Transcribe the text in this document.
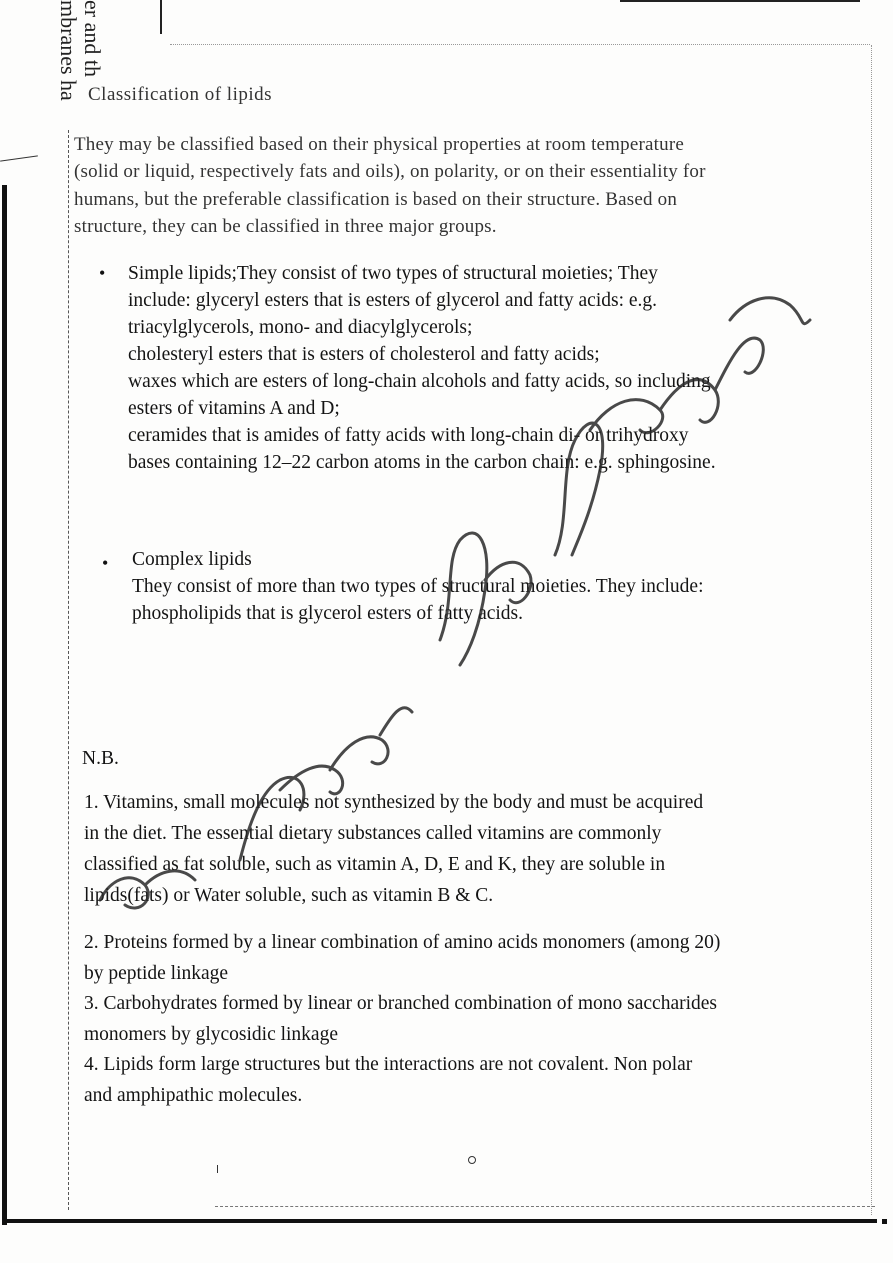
er and th
mbranes ha Classification of lipids
They may be classified based on their physical properties at room temperature
(solid or liquid, respectively fats and oils), on polarity, or on their essentiality for
humans, but the preferable classification is based on their structure. Based on
structure, they can be classified in three major groups.
• Simple lipids;They consist of two types of structural moieties; They
include: glyceryl esters that is esters of glycerol and fatty acids: e.g.
triacylglycerols, mono- and diacylglycerols;
cholesteryl esters that is esters of cholesterol and fatty acids;
waxes which are esters of long-chain alcohols and fatty acids, so including
esters of vitamins A and D;
ceramides that is amides of fatty acids with long-chain di- or trihydroxy
bases containing 12–22 carbon atoms in the carbon chain: e.g. sphingosine.
• Complex lipids
They consist of more than two types of structural moieties. They include:
phospholipids that is glycerol esters of fatty acids.
N.B.
1. Vitamins, small molecules not synthesized by the body and must be acquired
in the diet. The essential dietary substances called vitamins are commonly
classified as fat soluble, such as vitamin A, D, E and K, they are soluble in
lipids(fats) or Water soluble, such as vitamin B & C.
2. Proteins formed by a linear combination of amino acids monomers (among 20)
by peptide linkage
3. Carbohydrates formed by linear or branched combination of mono saccharides
monomers by glycosidic linkage
4. Lipids form large structures but the interactions are not covalent. Non polar
and amphipathic molecules.
